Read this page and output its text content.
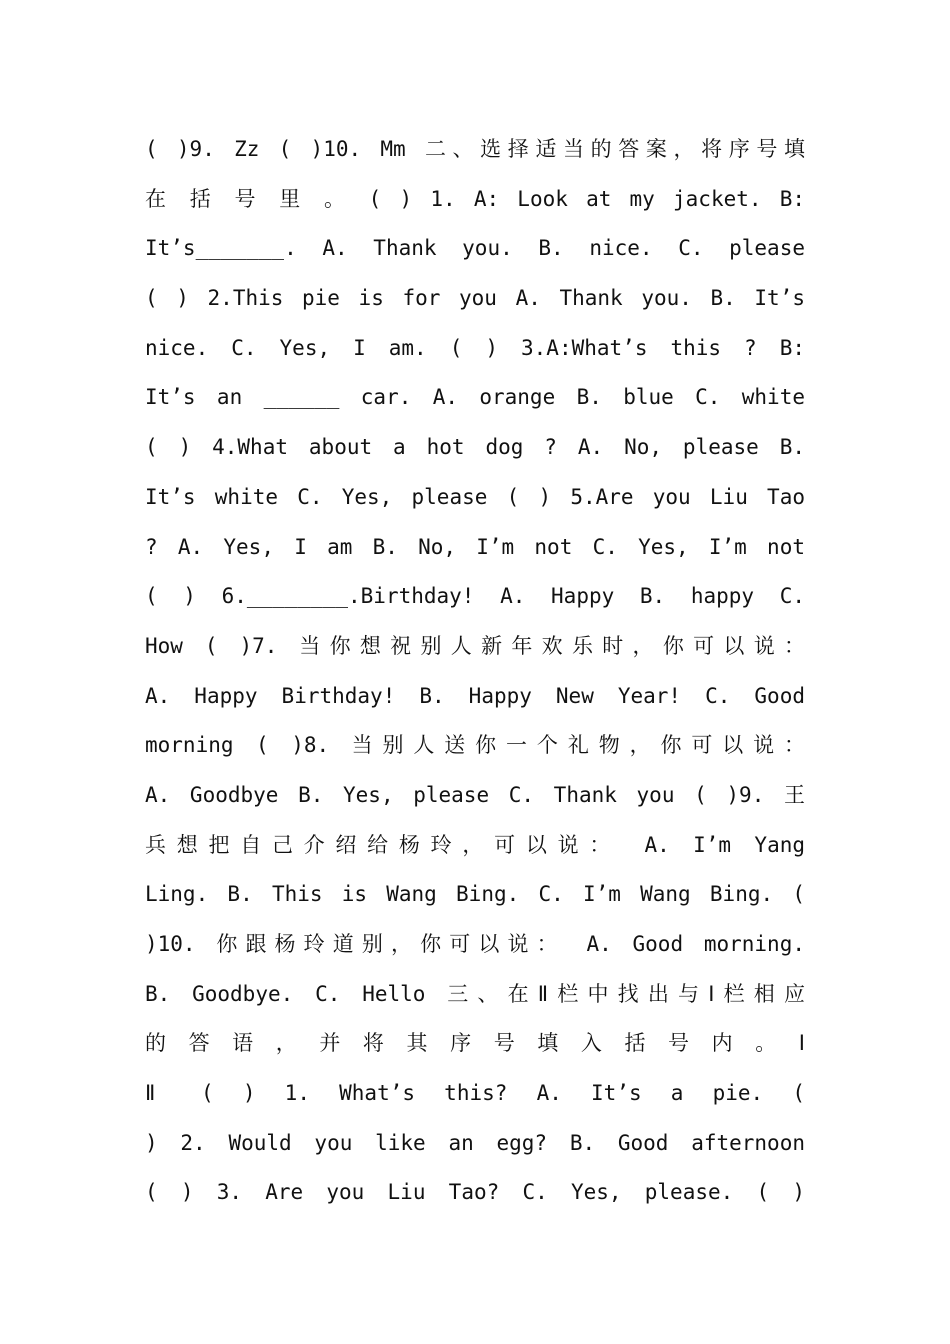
( )9. Zz ( )10. Mm 二、选择适当的答案，将序号填
在 括 号 里 。 ( ) 1. A: Look at my jacket. B:
It’s_______. A. Thank you. B. nice. C. please
( ) 2.This pie is for you A. Thank you. B. It’s
nice. C. Yes, I am. ( ) 3.A:What’s this ? B:
It’s an ______ car. A. orange B. blue C. white
( ) 4.What about a hot dog ? A. No, please B.
It’s white C. Yes, please ( ) 5.Are you Liu Tao
? A. Yes, I am B. No, I’m not C. Yes, I’m not
( ) 6.________.Birthday! A. Happy B. happy C.
How ( )7. 当你想祝别人新年欢乐时，你可以说：
A. Happy Birthday! B. Happy New Year! C. Good
morning ( )8. 当别人送你一个礼物，你可以说：
A. Goodbye B. Yes, please C. Thank you ( )9. 王
兵想把自己介绍给杨玲，可以说： A. I’m Yang
Ling. B. This is Wang Bing. C. I’m Wang Bing. (
)10. 你跟杨玲道别，你可以说： A. Good morning.
B. Goodbye. C. Hello 三、在Ⅱ栏中找出与Ⅰ栏相应
的 答 语 ， 并 将 其 序 号 填 入 括 号 内 。 Ⅰ
Ⅱ ( ) 1. What’s this? A. It’s a pie. (
) 2. Would you like an egg? B. Good afternoon
( ) 3. Are you Liu Tao? C. Yes, please. ( )
